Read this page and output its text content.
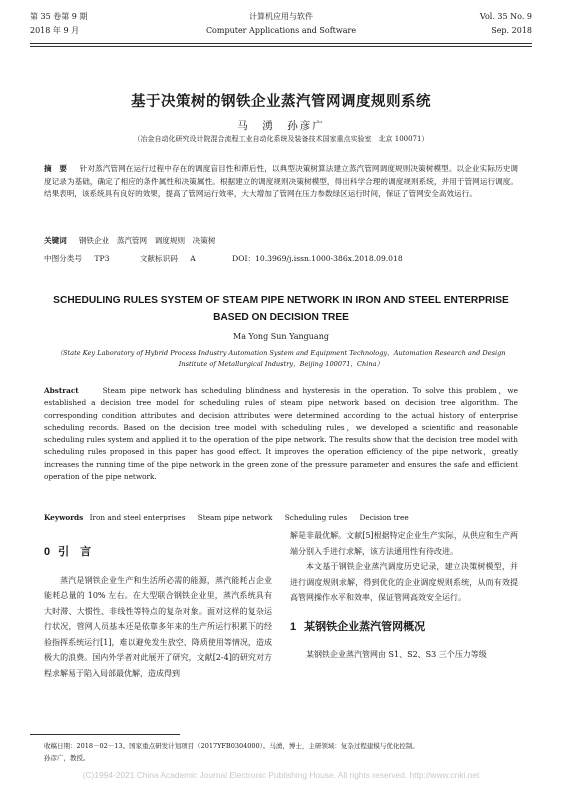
第 35 卷第 9 期
2018 年 9 月
计算机应用与软件
Computer Applications and Software
Vol. 35 No. 9
Sep. 2018
基于决策树的钢铁企业蒸汽管网调度规则系统
马　湧　孙彦广
（冶金自动化研究设计院混合流程工业自动化系统及装备技术国家重点实验室　北京 100071）
摘　要 针对蒸汽管网在运行过程中存在的调度盲目性和滞后性，以典型决策树算法建立蒸汽管网调度规则决策树模型。以企业实际历史调度记录为基础，确定了相应的条件属性和决策属性。根据建立的调度规则决策树模型，得出科学合理的调度规则系统，并用于管网运行调度。结果表明，该系统具有良好的效果，提高了管网运行效率，大大增加了管网在压力参数绿区运行时间，保证了管网安全高效运行。
关键词 钢铁企业　蒸汽管网　调度规则　决策树
中图分类号 TP3	文献标识码 A	DOI：10.3969/j.issn.1000-386x.2018.09.018
SCHEDULING RULES SYSTEM OF STEAM PIPE NETWORK IN IRON AND STEEL ENTERPRISE BASED ON DECISION TREE
Ma Yong Sun Yanguang
（State Key Laboratory of Hybrid Process Industry Automation System and Equipment Technology，Automation Research and Design Institute of Metallurgical Industry，Beijing 100071，China）
Abstract	Steam pipe network has scheduling blindness and hysteresis in the operation. To solve this problem，we established a decision tree model for scheduling rules of steam pipe network based on decision tree algorithm. The corresponding condition attributes and decision attributes were determined according to the actual history of enterprise scheduling records. Based on the decision tree model with scheduling rules，we developed a scientific and reasonable scheduling rules system and applied it to the operation of the pipe network. The results show that the decision tree model with scheduling rules proposed in this paper has good effect. It improves the operation efficiency of the pipe network，greatly increases the running time of the pipe network in the green zone of the pressure parameter and ensures the safe and efficient operation of the pipe network.
Keywords Iron and steel enterprises Steam pipe network Scheduling rules Decision tree
0 引　言

蒸汽是钢铁企业生产和生活所必需的能源，蒸汽能耗占企业能耗总量的 10% 左右。在大型联合钢铁企业里，蒸汽系统具有大时滞、大惯性、非线性等特点的复杂对象。面对这样的复杂运行状况，管网人员基本还是依靠多年来的生产所运行积累下的经验指挥系统运行[1]，难以避免发生放空、降质使用等情况，造成极大的浪费。国内外学者对此展开了研究，文献[2-4]的研究对方程求解易于陷入局部最优解，造成得到

解是非最优解。文献[5]根据特定企业生产实际，从供应和生产两端分别入手进行求解，该方法通用性有待改进。

本文基于钢铁企业蒸汽调度历史记录，建立决策树模型，并进行调度规则求解，得到优化的企业调度规则系统，从而有效提高管网操作水平和效率，保证管网高效安全运行。

1 某钢铁企业蒸汽管网概况

某钢铁企业蒸汽管网由 S1、S2、S3 三个压力等级

收稿日期：2018－02－13。国家重点研发计划项目（2017YFB0304000）。马湧，博士，主研领域：复杂过程建模与优化控制。
孙彦广，教授。
(C)1994-2021 China Academic Journal Electronic Publishing House. All rights reserved. http://www.cnki.net
